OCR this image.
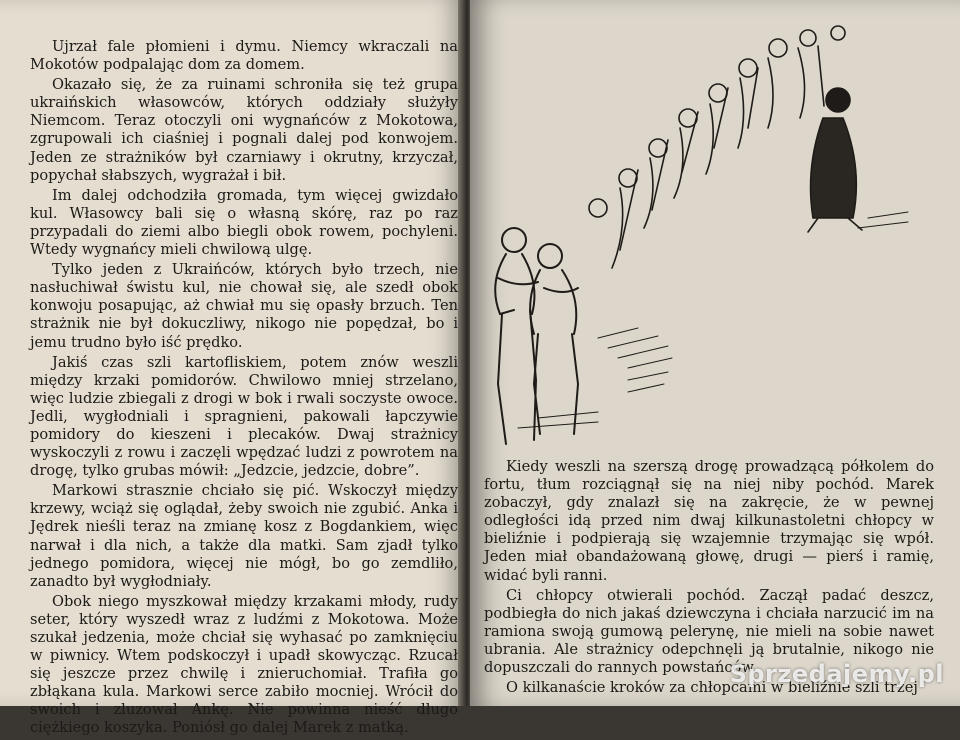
Ujrzał fale płomieni i dymu. Niemcy wkraczali na Mokotów podpalając dom za domem.

Okazało się, że za ruinami schroniła się też grupa ukraińskich własowców, których oddziały służyły Niemcom. Teraz otoczyli oni wygnańców z Mokotowa, zgrupowali ich ciaśniej i pognali dalej pod konwojem. Jeden ze strażników był czarniawy i okrutny, krzyczał, popychał słabszych, wygrażał i bił.

Im dalej odchodziła gromada, tym więcej gwizdało kul. Własowcy bali się o własną skórę, raz po raz przypadali do ziemi albo biegli obok rowem, pochyleni. Wtedy wygnańcy mieli chwilową ulgę.

Tylko jeden z Ukraińców, których było trzech, nie nasłuchiwał świstu kul, nie chował się, ale szedł obok konwoju posapując, aż chwiał mu się opasły brzuch. Ten strażnik nie był dokuczliwy, nikogo nie popędzał, bo i jemu trudno było iść prędko.

Jakiś czas szli kartofliskiem, potem znów weszli między krzaki pomidorów. Chwilowo mniej strzelano, więc ludzie zbiegali z drogi w bok i rwali soczyste owoce. Jedli, wygłodniali i spragnieni, pakowali łapczywie pomidory do kieszeni i plecaków. Dwaj strażnicy wyskoczyli z rowu i zaczęli wpędzać ludzi z powrotem na drogę, tylko grubas mówił: „Jedzcie, jedzcie, dobre”.

Markowi strasznie chciało się pić. Wskoczył między krzewy, wciąż się oglądał, żeby swoich nie zgubić. Anka i Jędrek nieśli teraz na zmianę kosz z Bogdankiem, więc narwał i dla nich, a także dla matki. Sam zjadł tylko jednego pomidora, więcej nie mógł, bo go zemdliło, zanadto był wygłodniały.

Obok niego myszkował między krzakami młody, rudy seter, który wyszedł wraz z ludźmi z Mokotowa. Może szukał jedzenia, może chciał się wyhasać po zamknięciu w piwnicy. Wtem podskoczył i upadł skowycząc. Rzucał się jeszcze przez chwilę i znieruchomiał. Trafiła go zbłąkana kula. Markowi serce zabiło mocniej. Wrócił do swoich i zluzował Ankę. Nie powinna nieść długo ciężkiego koszyka. Poniósł go dalej Marek z matką.

Kiedy weszli na szerszą drogę prowadzącą półkolem do fortu, tłum rozciągnął się na niej niby pochód. Marek zobaczył, gdy znalazł się na zakręcie, że w pewnej odległości idą przed nim dwaj kilkunastoletni chłopcy w bieliźnie i podpierają się wzajemnie trzymając się wpół. Jeden miał obandażowaną głowę, drugi — pierś i ramię, widać byli ranni.

Ci chłopcy otwierali pochód. Zaczął padać deszcz, podbiegła do nich jakaś dziewczyna i chciała narzucić im na ramiona swoją gumową pelerynę, nie mieli na sobie nawet ubrania. Ale strażnicy odepchnęli ją brutalnie, nikogo nie dopuszczali do rannych powstańców.

O kilkanaście kroków za chłopcami w bieliźnie szli trzej

Sprzedajemy.pl
